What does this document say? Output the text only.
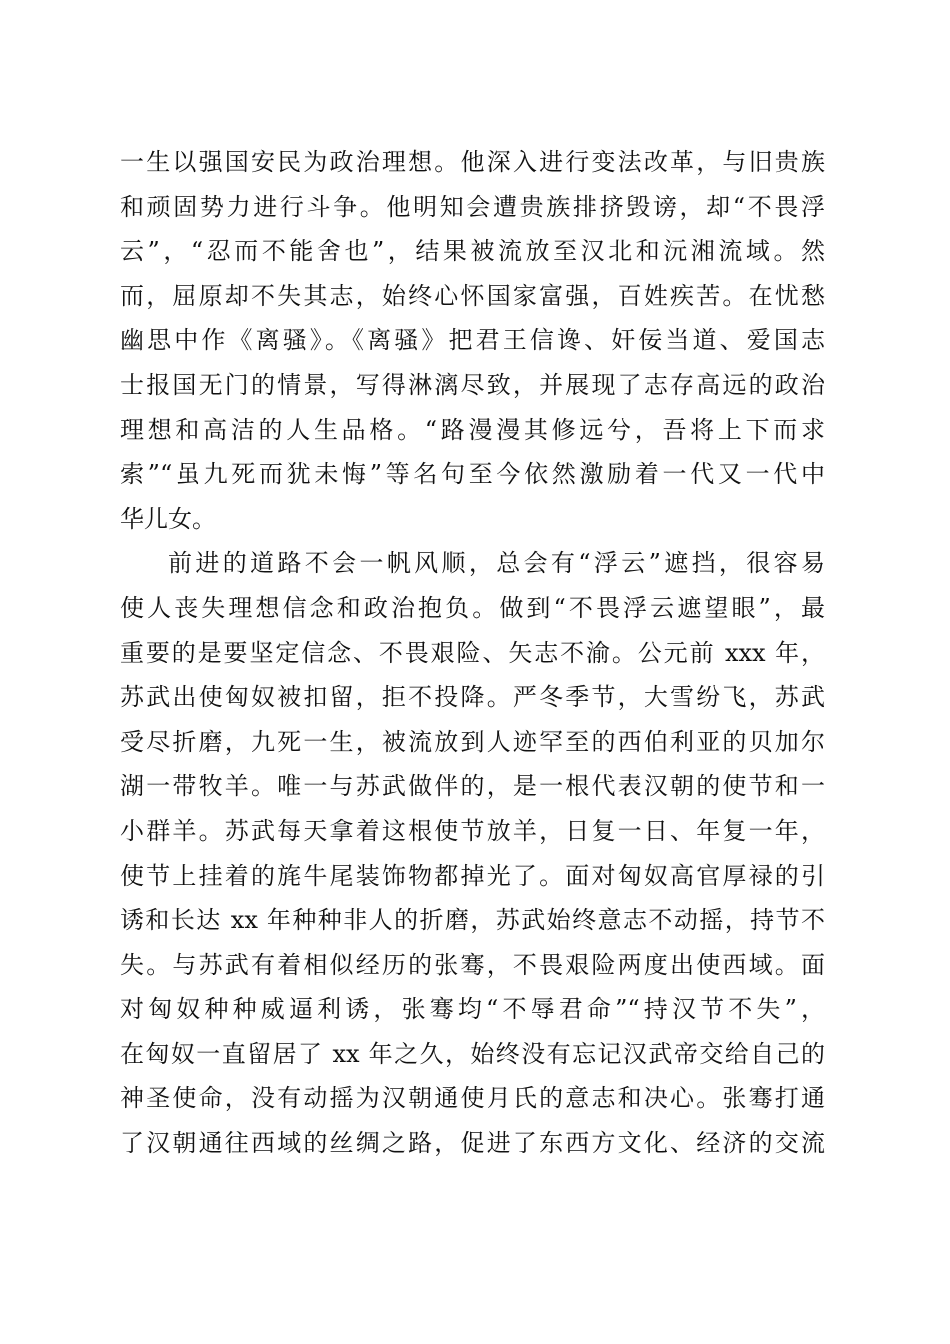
一生以强国安民为政治理想。他深入进行变法改革，与旧贵族
和顽固势力进行斗争。他明知会遭贵族排挤毁谤，却“不畏浮
云”，“忍而不能舍也”，结果被流放至汉北和沅湘流域。然
而，屈原却不失其志，始终心怀国家富强，百姓疾苦。在忧愁
幽思中作《离骚》。《离骚》把君王信谗、奸佞当道、爱国志
士报国无门的情景，写得淋漓尽致，并展现了志存高远的政治
理想和高洁的人生品格。“路漫漫其修远兮，吾将上下而求
索”“虽九死而犹未悔”等名句至今依然激励着一代又一代中
华儿女。
前进的道路不会一帆风顺，总会有“浮云”遮挡，很容易
使人丧失理想信念和政治抱负。做到“不畏浮云遮望眼”，最
重要的是要坚定信念、不畏艰险、矢志不渝。公元前 xxx 年，
苏武出使匈奴被扣留，拒不投降。严冬季节，大雪纷飞，苏武
受尽折磨，九死一生，被流放到人迹罕至的西伯利亚的贝加尔
湖一带牧羊。唯一与苏武做伴的，是一根代表汉朝的使节和一
小群羊。苏武每天拿着这根使节放羊，日复一日、年复一年，
使节上挂着的旄牛尾装饰物都掉光了。面对匈奴高官厚禄的引
诱和长达 xx 年种种非人的折磨，苏武始终意志不动摇，持节不
失。与苏武有着相似经历的张骞，不畏艰险两度出使西域。面
对匈奴种种威逼利诱，张骞均“不辱君命”“持汉节不失”，
在匈奴一直留居了 xx 年之久，始终没有忘记汉武帝交给自己的
神圣使命，没有动摇为汉朝通使月氏的意志和决心。张骞打通
了汉朝通往西域的丝绸之路，促进了东西方文化、经济的交流
